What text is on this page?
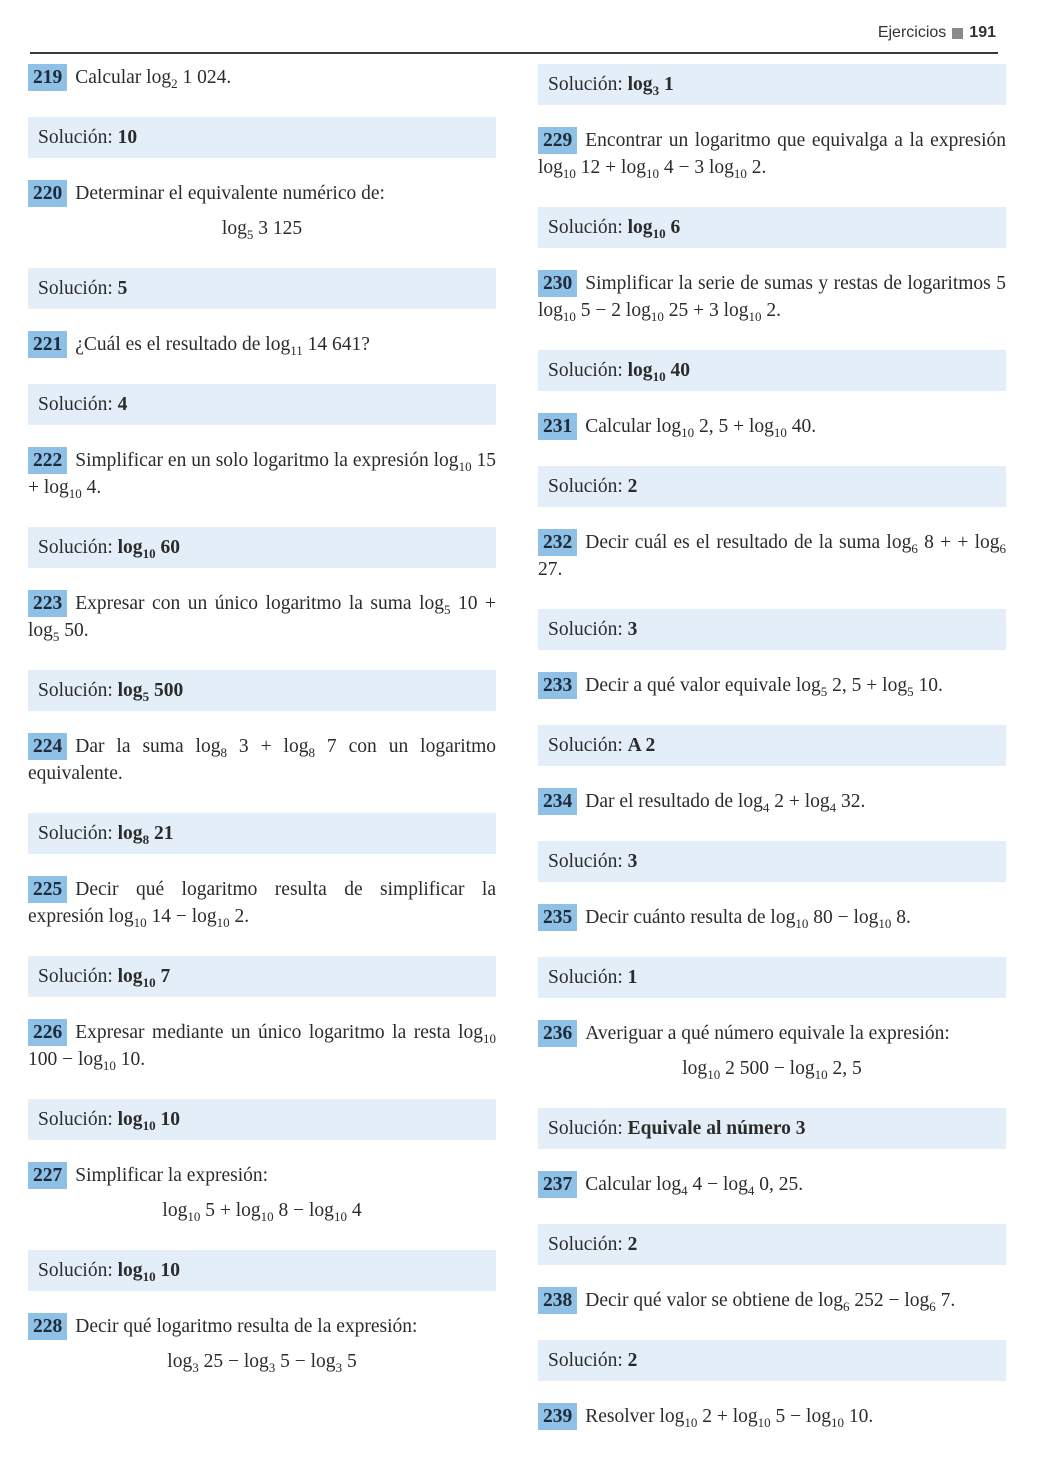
Ejercicios 191

219 Calcular $\log_2 1$ 024.

Solución: 10

220 Determinar el equivalente numérico de:

$\log_5 3$ 125
Solución: 5

221 ¿Cuál es el resultado de $\log_{11} 14$ 641?

Solución: 4

222 Simplificar en un solo logaritmo la expresión $\log_{10} 15 + \log_{10} 4$.

Solución: $\log_{10} 60$

223 Expresar con un único logaritmo la suma $\log_5 10 + \log_5 50$.

Solución: $\log_5 500$

224 Dar la suma $\log_8 3 + \log_8 7$ con un logaritmo equivalente.

Solución: $\log_8 21$

225 Decir qué logaritmo resulta de simplificar la expresión $\log_{10} 14 - \log_{10} 2$.

Solución: $\log_{10} 7$

226 Expresar mediante un único logaritmo la resta $\log_{10} 100 - \log_{10} 10$.

Solución: $\log_{10} 10$

227 Simplificar la expresión:

$\log_{10} 5 + \log_{10} 8 - \log_{10} 4$
Solución: $\log_{10} 10$

228 Decir qué logaritmo resulta de la expresión:

$\log_3 25 - \log_3 5 - \log_3 5$
Solución: $\log_3 1$

229 Encontrar un logaritmo que equivalga a la expresión $\log_{10} 12 + \log_{10} 4 - 3$ $\log_{10} 2$.

Solución: $\log_{10} 6$

230 Simplificar la serie de sumas y restas de logaritmos 5 $\log_{10} 5 - 2$ $\log_{10} 25 + 3$ $\log_{10} 2$.

Solución: $\log_{10} 40$

231 Calcular $\log_{10} 2$, $5 + \log_{10} 40$.

Solución: 2

232 Decir cuál es el resultado de la suma $\log_6 8$ + + $\log_6 27$.

Solución: 3

233 Decir a qué valor equivale $\log_5 2$, $5 + \log_5 10$.

Solución: A 2

234 Dar el resultado de $\log_4 2 + \log_4 32$.

Solución: 3

235 Decir cuánto resulta de $\log_{10} 80 - \log_{10} 8$.

Solución: 1

236 Averiguar a qué número equivale la expresión:

$\log_{10} 2$ $500 - \log_{10} 2$, 5
Solución: Equivale al número 3

237 Calcular $\log_4 4 - \log_4 0$, 25.

Solución: 2

238 Decir qué valor se obtiene de $\log_6 252 - \log_6 7$.

Solución: 2

239 Resolver $\log_{10} 2 + \log_{10} 5 - \log_{10} 10$.
